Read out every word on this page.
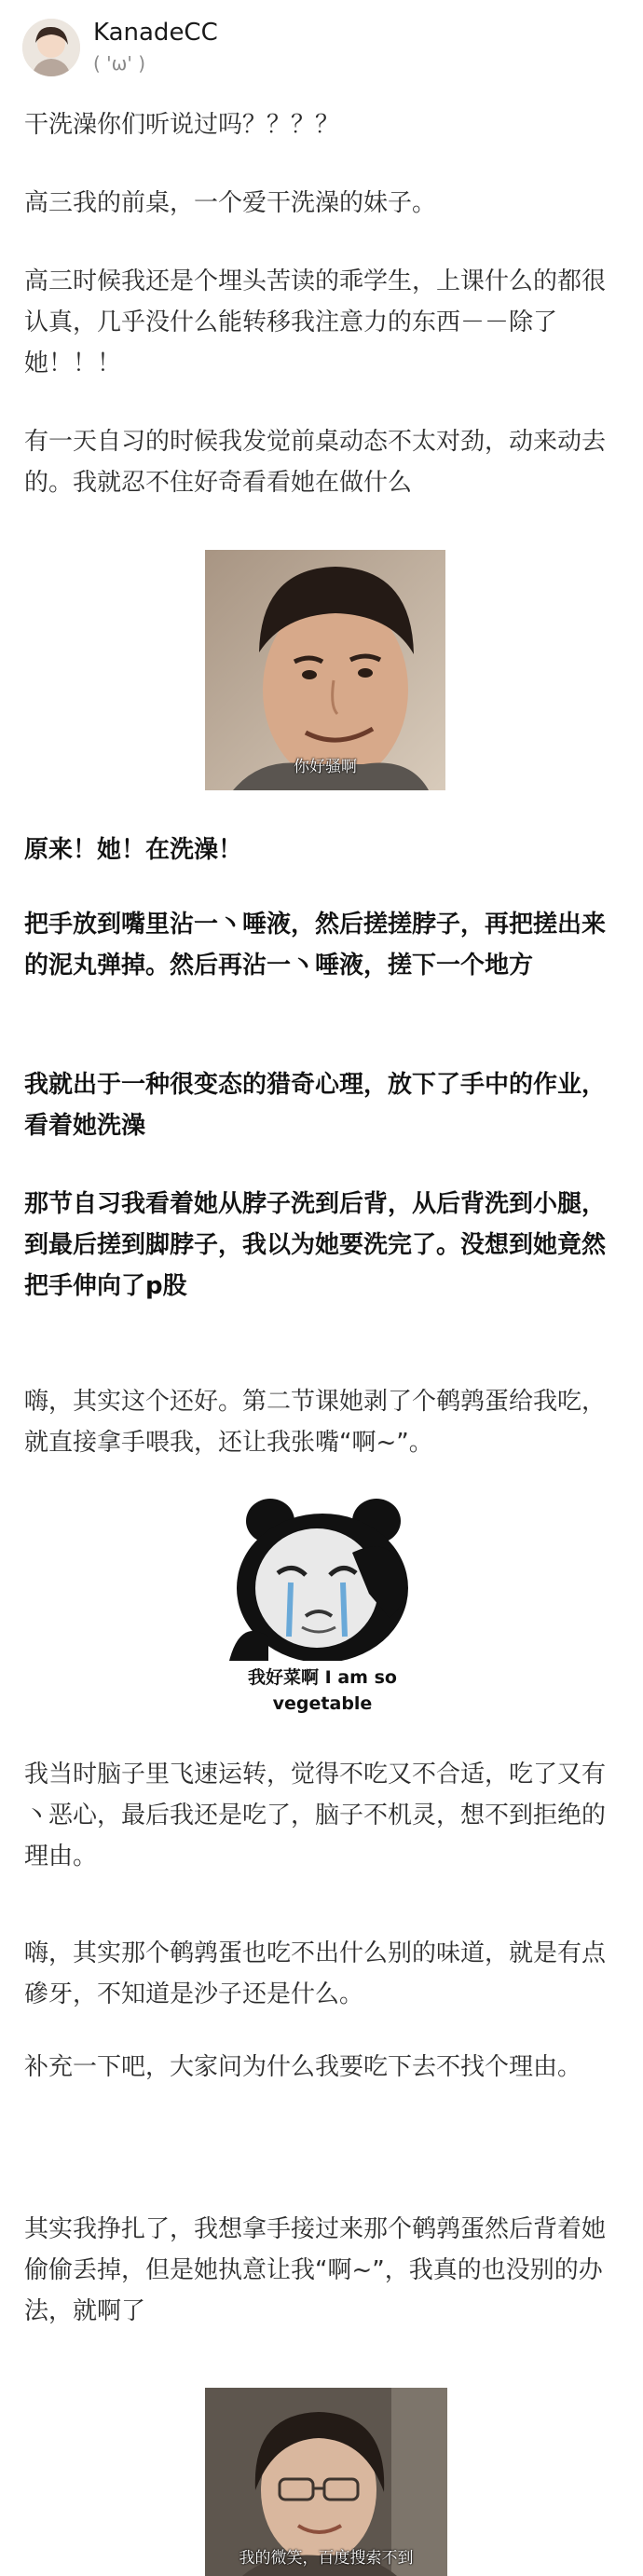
KanadeCC
( 'ω' )
干洗澡你们听说过吗？？？？
高三我的前桌，一个爱干洗澡的妹子。
高三时候我还是个埋头苦读的乖学生，上课什么的都很认真，几乎没什么能转移我注意力的东西－－除了她！！！
有一天自习的时候我发觉前桌动态不太对劲，动来动去的。我就忍不住好奇看看她在做什么
你好骚啊
原来！她！在洗澡！
把手放到嘴里沾一丶唾液，然后搓搓脖子，再把搓出来的泥丸弹掉。然后再沾一丶唾液，搓下一个地方
我就出于一种很变态的猎奇心理，放下了手中的作业，看着她洗澡
那节自习我看着她从脖子洗到后背，从后背洗到小腿，到最后搓到脚脖子，我以为她要洗完了。没想到她竟然把手伸向了p股
嗨，其实这个还好。第二节课她剥了个鹌鹑蛋给我吃，就直接拿手喂我，还让我张嘴“啊~”。
我好菜啊 I am so
vegetable
我当时脑子里飞速运转，觉得不吃又不合适，吃了又有丶恶心，最后我还是吃了，脑子不机灵，想不到拒绝的理由。
嗨，其实那个鹌鹑蛋也吃不出什么别的味道，就是有点磣牙，不知道是沙子还是什么。
补充一下吧，大家问为什么我要吃下去不找个理由。
其实我挣扎了，我想拿手接过来那个鹌鹑蛋然后背着她偷偷丢掉，但是她执意让我“啊~”，我真的也没别的办法，就啊了
我的微笑，百度搜索不到
